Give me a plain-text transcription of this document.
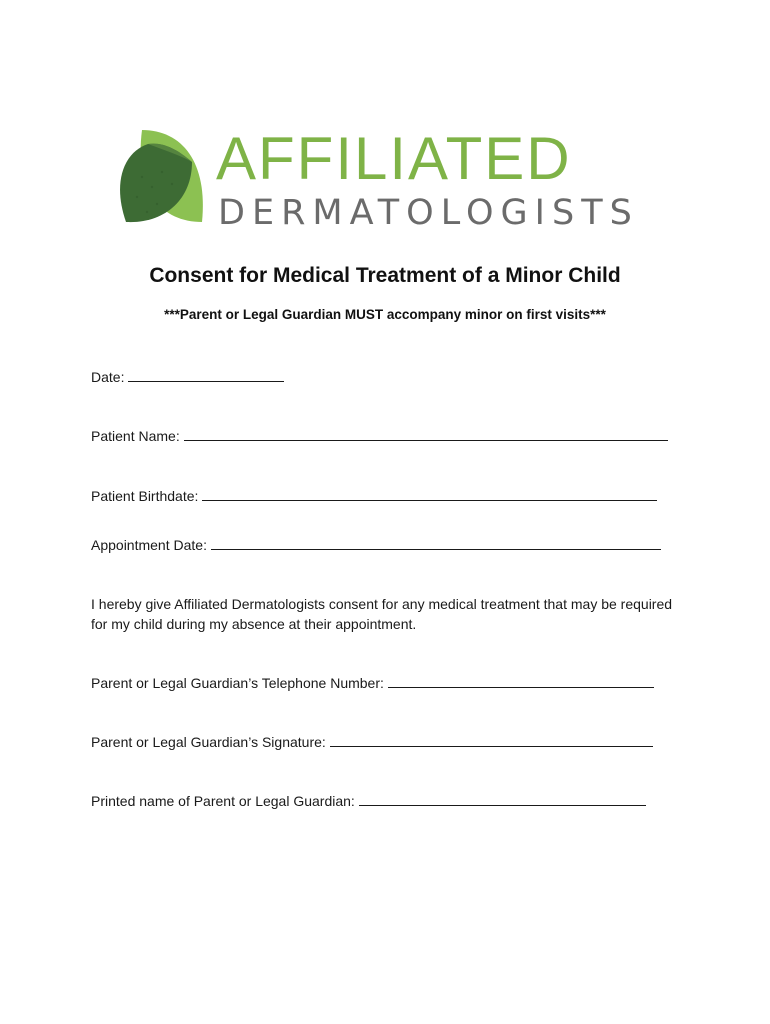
AFFILIATED
DERMATOLOGISTS
Consent for Medical Treatment of a Minor Child
***Parent or Legal Guardian MUST accompany minor on first visits***
Date:
Patient Name:
Patient Birthdate:
Appointment Date:
I hereby give Affiliated Dermatologists consent for any medical treatment that may be required for my child during my absence at their appointment.
Parent or Legal Guardian’s Telephone Number:
Parent or Legal Guardian’s Signature:
Printed name of Parent or Legal Guardian:
